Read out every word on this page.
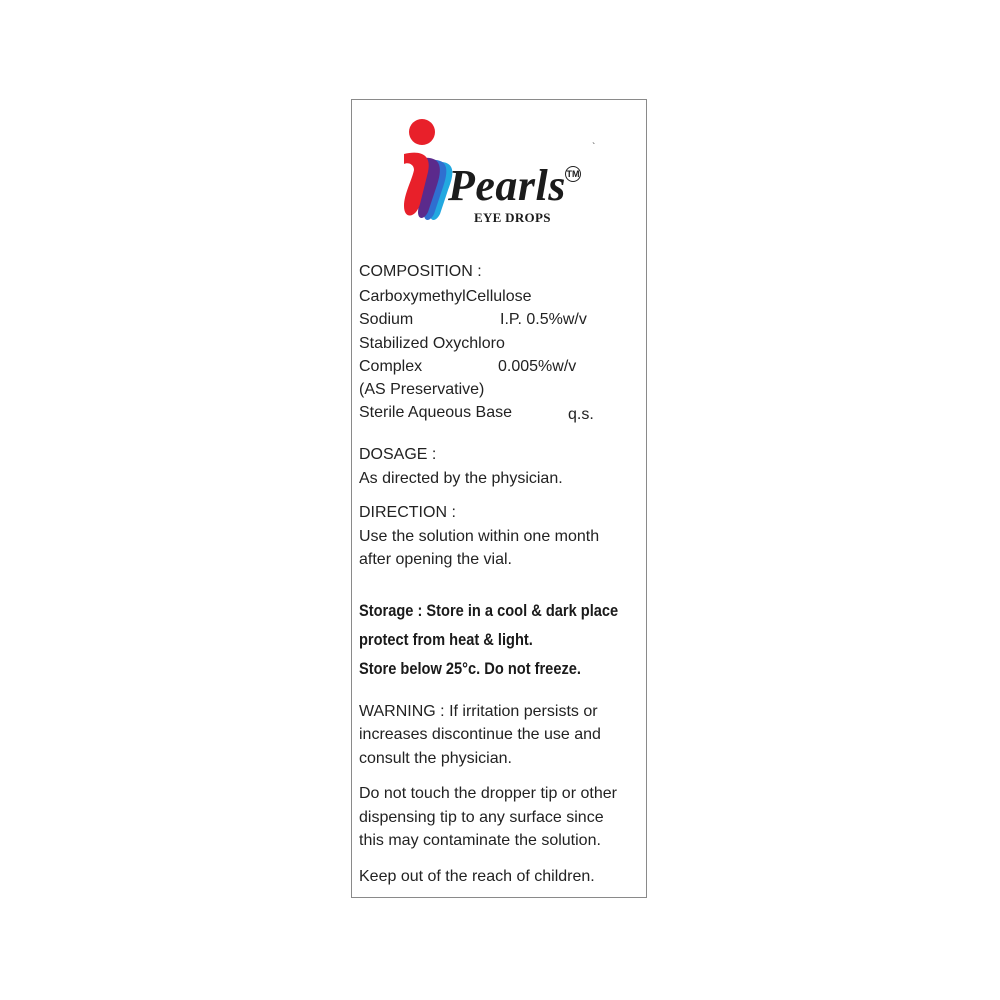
Pearls TM
EYE DROPS
`
COMPOSITION :
CarboxymethylCellulose
Sodium	I.P. 0.5%w/v
Stabilized Oxychloro
Complex	0.005%w/v
(AS Preservative)
Sterile Aqueous Base	q.s.
DOSAGE :
As directed by the physician.
DIRECTION :
Use the solution within one month
after opening the vial.
Storage : Store in a cool & dark place
protect from heat & light.
Store below 25°c. Do not freeze.
WARNING : If irritation persists or
increases discontinue the use and
consult the physician.
Do not touch the dropper tip or other
dispensing tip to any surface since
this may contaminate the solution.
Keep out of the reach of children.
